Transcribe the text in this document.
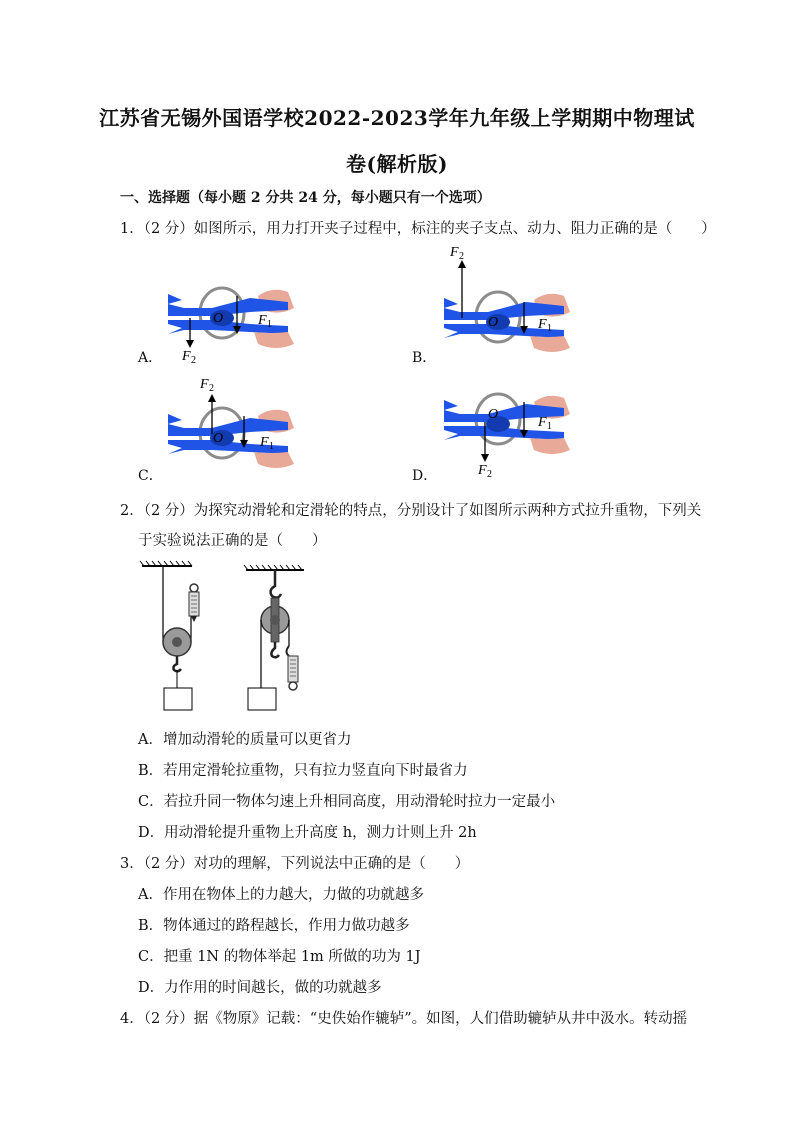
江苏省无锡外国语学校2022-2023学年九年级上学期期中物理试
卷(解析版)
一、选择题（每小题 2 分共 24 分，每小题只有一个选项）
1．（2 分）如图所示，用力打开夹子过程中，标注的夹子支点、动力、阻力正确的是（　　）
O F 1
F 2
O	F 1
F 2
O	F 1
F 2
O
F 1
F 2
A．	B．
C．	D．
2．（2 分）为探究动滑轮和定滑轮的特点，分别设计了如图所示两种方式拉升重物，下列关
于实验说法正确的是（　　）
A．增加动滑轮的质量可以更省力
B．若用定滑轮拉重物，只有拉力竖直向下时最省力
C．若拉升同一物体匀速上升相同高度，用动滑轮时拉力一定最小
D．用动滑轮提升重物上升高度 h，测力计则上升 2h
3．（2 分）对功的理解，下列说法中正确的是（　　）
A．作用在物体上的力越大，力做的功就越多
B．物体通过的路程越长，作用力做功越多
C．把重 1N 的物体举起 1m 所做的功为 1J
D．力作用的时间越长，做的功就越多
4．（2 分）据《物原》记载：“史佚始作辘轳”。如图，人们借助辘轳从井中汲水。转动摇
